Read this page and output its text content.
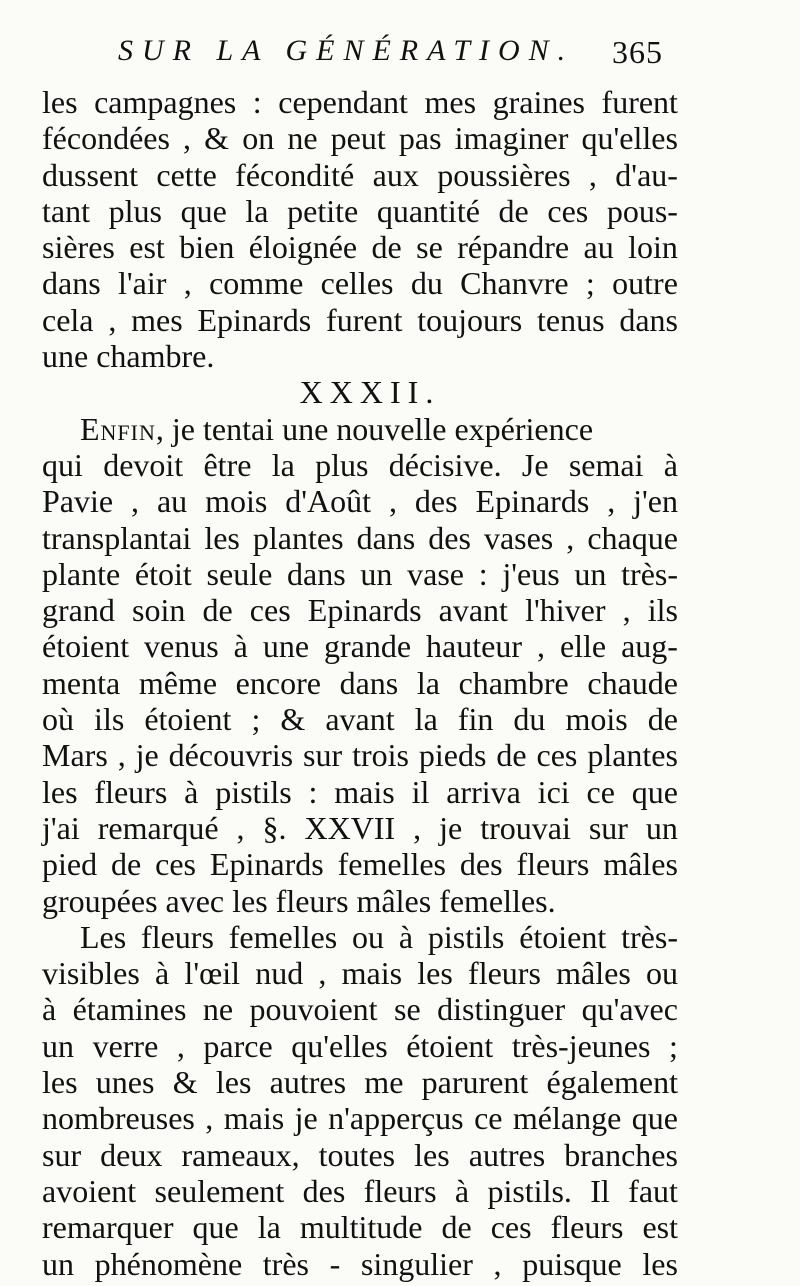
SUR LA GÉNÉRATION. 365
les campagnes : cependant mes graines furent
fécondées , & on ne peut pas imaginer qu'elles
dussent cette fécondité aux poussières , d'au-
tant plus que la petite quantité de ces pous-
sières est bien éloignée de se répandre au loin
dans l'air , comme celles du Chanvre ; outre
cela , mes Epinards furent toujours tenus dans
une chambre.
XXXII.
Enfin, je tentai une nouvelle expérience
qui devoit être la plus décisive. Je semai à
Pavie , au mois d'Août , des Epinards , j'en
transplantai les plantes dans des vases , chaque
plante étoit seule dans un vase : j'eus un très-
grand soin de ces Epinards avant l'hiver , ils
étoient venus à une grande hauteur , elle aug-
menta même encore dans la chambre chaude
où ils étoient ; & avant la fin du mois de
Mars , je découvris sur trois pieds de ces plantes
les fleurs à pistils : mais il arriva ici ce que
j'ai remarqué , §. XXVII , je trouvai sur un
pied de ces Epinards femelles des fleurs mâles
groupées avec les fleurs mâles femelles.
Les fleurs femelles ou à pistils étoient très-
visibles à l'œil nud , mais les fleurs mâles ou
à étamines ne pouvoient se distinguer qu'avec
un verre , parce qu'elles étoient très-jeunes ;
les unes & les autres me parurent également
nombreuses , mais je n'apperçus ce mélange que
sur deux rameaux, toutes les autres branches
avoient seulement des fleurs à pistils. Il faut
remarquer que la multitude de ces fleurs est
un phénomène très - singulier , puisque les
